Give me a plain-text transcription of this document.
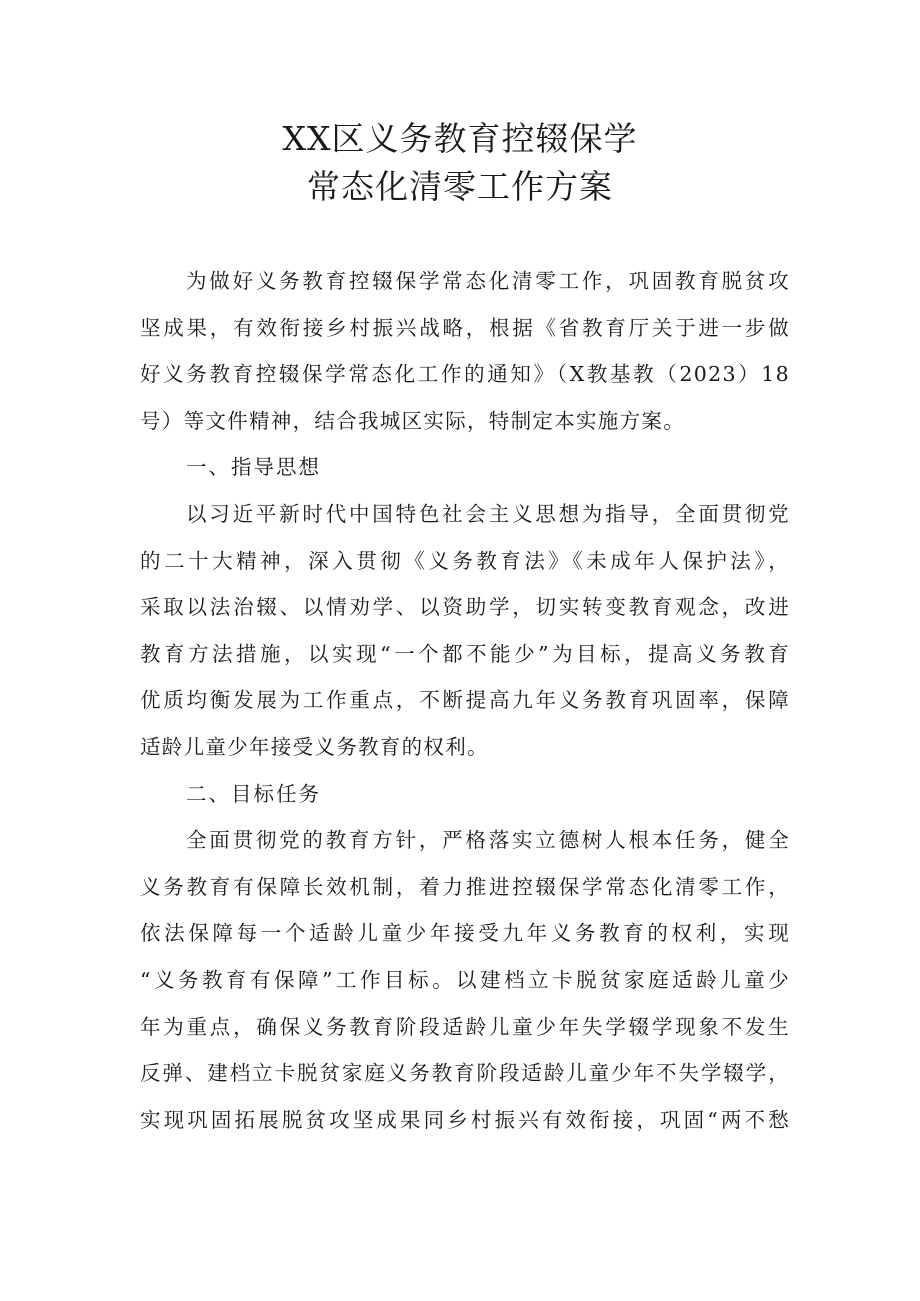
XX区义务教育控辍保学
常态化清零工作方案
为做好义务教育控辍保学常态化清零工作，巩固教育脱贫攻
坚成果，有效衔接乡村振兴战略，根据《省教育厅关于进一步做
好义务教育控辍保学常态化工作的通知》（X教基教（2023）18
号）等文件精神，结合我城区实际，特制定本实施方案。
一、指导思想
以习近平新时代中国特色社会主义思想为指导，全面贯彻党
的二十大精神，深入贯彻《义务教育法》《未成年人保护法》，
采取以法治辍、以情劝学、以资助学，切实转变教育观念，改进
教育方法措施，以实现“一个都不能少”为目标，提高义务教育
优质均衡发展为工作重点，不断提高九年义务教育巩固率，保障
适龄儿童少年接受义务教育的权利。
二、目标任务
全面贯彻党的教育方针，严格落实立德树人根本任务，健全
义务教育有保障长效机制，着力推进控辍保学常态化清零工作，
依法保障每一个适龄儿童少年接受九年义务教育的权利，实现
“义务教育有保障”工作目标。以建档立卡脱贫家庭适龄儿童少
年为重点，确保义务教育阶段适龄儿童少年失学辍学现象不发生
反弹、建档立卡脱贫家庭义务教育阶段适龄儿童少年不失学辍学，
实现巩固拓展脱贫攻坚成果同乡村振兴有效衔接，巩固“两不愁
